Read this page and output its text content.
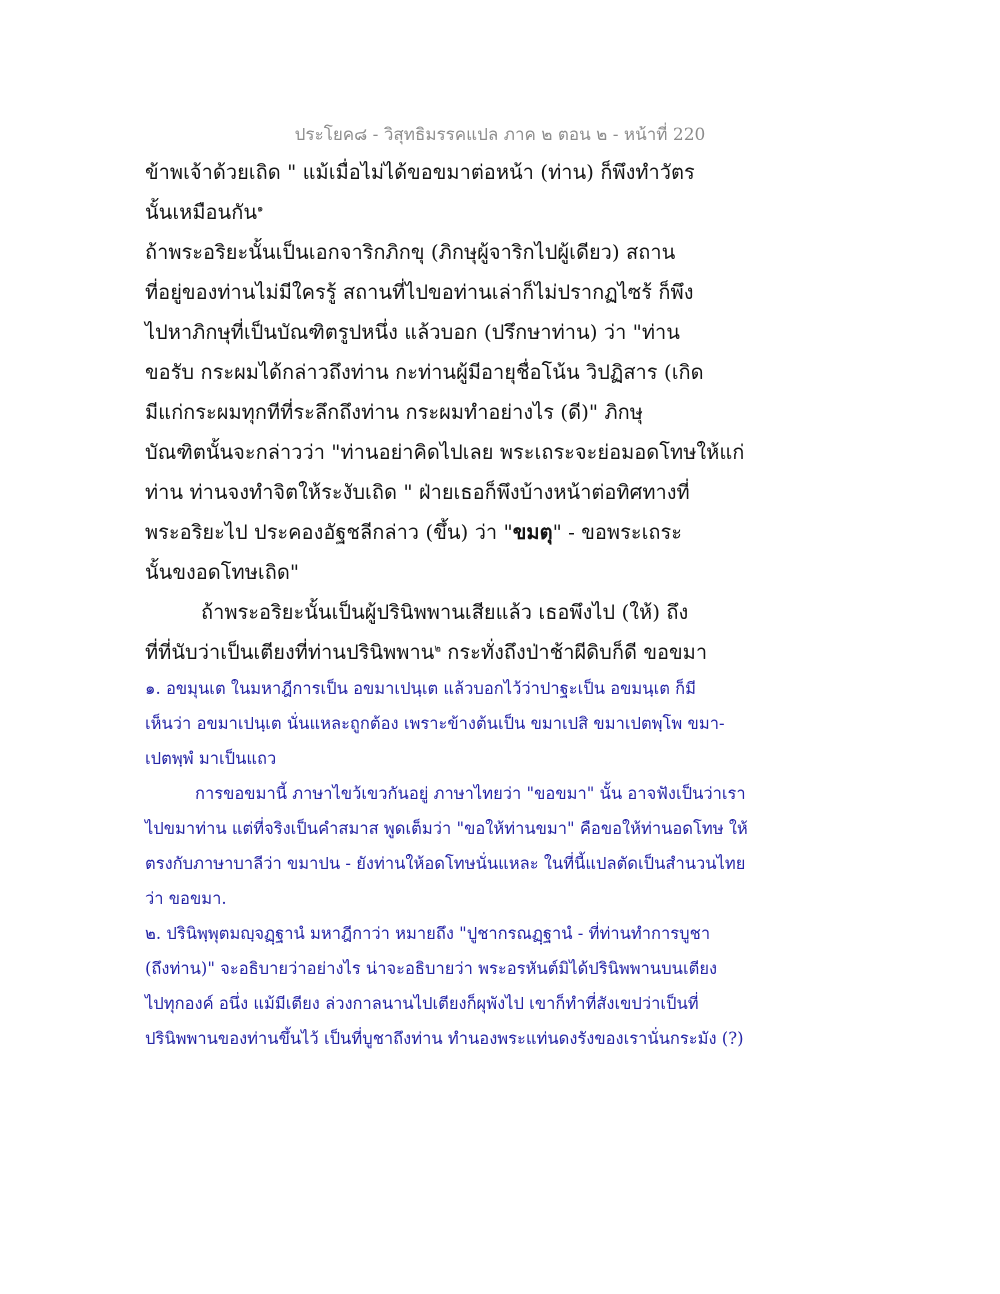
ประโยค๘ - วิสุทธิมรรคแปล ภาค ๒ ตอน ๒ - หน้าที่ 220
ข้าพเจ้าด้วยเถิด " แม้เมื่อไม่ได้ขอขมาต่อหน้า (ท่าน) ก็พึงทำวัตร
นั้นเหมือนกัน$^๑$
ถ้าพระอริยะนั้นเป็นเอกจาริกภิกขุ (ภิกษุผู้จาริกไปผู้เดียว) สถาน
ที่อยู่ของท่านไม่มีใครรู้ สถานที่ไปขอท่านเล่าก็ไม่ปรากฏไซร้ ก็พึง
ไปหาภิกษุที่เป็นบัณฑิตรูปหนึ่ง แล้วบอก (ปรึกษาท่าน) ว่า "ท่าน
ขอรับ กระผมได้กล่าวถึงท่าน กะท่านผู้มีอายุชื่อโน้น วิปฏิสาร (เกิด
มีแก่กระผมทุกทีที่ระลึกถึงท่าน กระผมทำอย่างไร (ดี)" ภิกษุ
บัณฑิตนั้นจะกล่าวว่า "ท่านอย่าคิดไปเลย พระเถระจะย่อมอดโทษให้แก่
ท่าน ท่านจงทำจิตให้ระงับเถิด " ฝ่ายเธอก็พึงบ้างหน้าต่อทิศทางที่
พระอริยะไป ประคองอัฐชลีกล่าว (ขึ้น) ว่า "ขมตุ" - ขอพระเถระ
นั้นขงอดโทษเถิด"
ถ้าพระอริยะนั้นเป็นผู้ปรินิพพานเสียแล้ว เธอพึงไป (ให้) ถึง
ที่ที่นับว่าเป็นเตียงที่ท่านปรินิพพาน$^๒$ กระทั่งถึงป่าช้าผีดิบก็ดี ขอขมา
๑. อขมุนเต ในมหาฎีการเป็น อขมาเปนฺเต แล้วบอกไว้ว่าปาฐะเป็น อขมนฺเต ก็มี
เห็นว่า อขมาเปนฺเต นั่นแหละถูกต้อง เพราะข้างต้นเป็น ขมาเปสิ ขมาเปตพฺโพ ขมา-
เปตพฺพํ มาเป็นแถว
การขอขมานี้ ภาษาไขว้เขวกันอยู่ ภาษาไทยว่า "ขอขมา" นั้น อาจฟังเป็นว่าเรา
ไปขมาท่าน แต่ที่จริงเป็นคำสมาส พูดเต็มว่า "ขอให้ท่านขมา" คือขอให้ท่านอดโทษ ให้
ตรงกับภาษาบาลีว่า ขมาปน - ยังท่านให้อดโทษนั่นแหละ ในที่นี้แปลตัดเป็นสำนวนไทย
ว่า ขอขมา.
๒. ปรินิพฺพุตมญฺจฏฺฐานํ มหาฎีกาว่า หมายถึง "ปูชากรณฏฺฐานํ - ที่ท่านทำการบูชา
(ถึงท่าน)" จะอธิบายว่าอย่างไร น่าจะอธิบายว่า พระอรหันต์มิได้ปรินิพพานบนเตียง
ไปทุกองค์ อนึ่ง แม้มีเตียง ล่วงกาลนานไปเตียงก็ผุพังไป เขาก็ทำที่สังเขปว่าเป็นที่
ปรินิพพานของท่านขึ้นไว้ เป็นที่บูชาถึงท่าน ทำนองพระแท่นดงรังของเรานั่นกระมัง (?)
